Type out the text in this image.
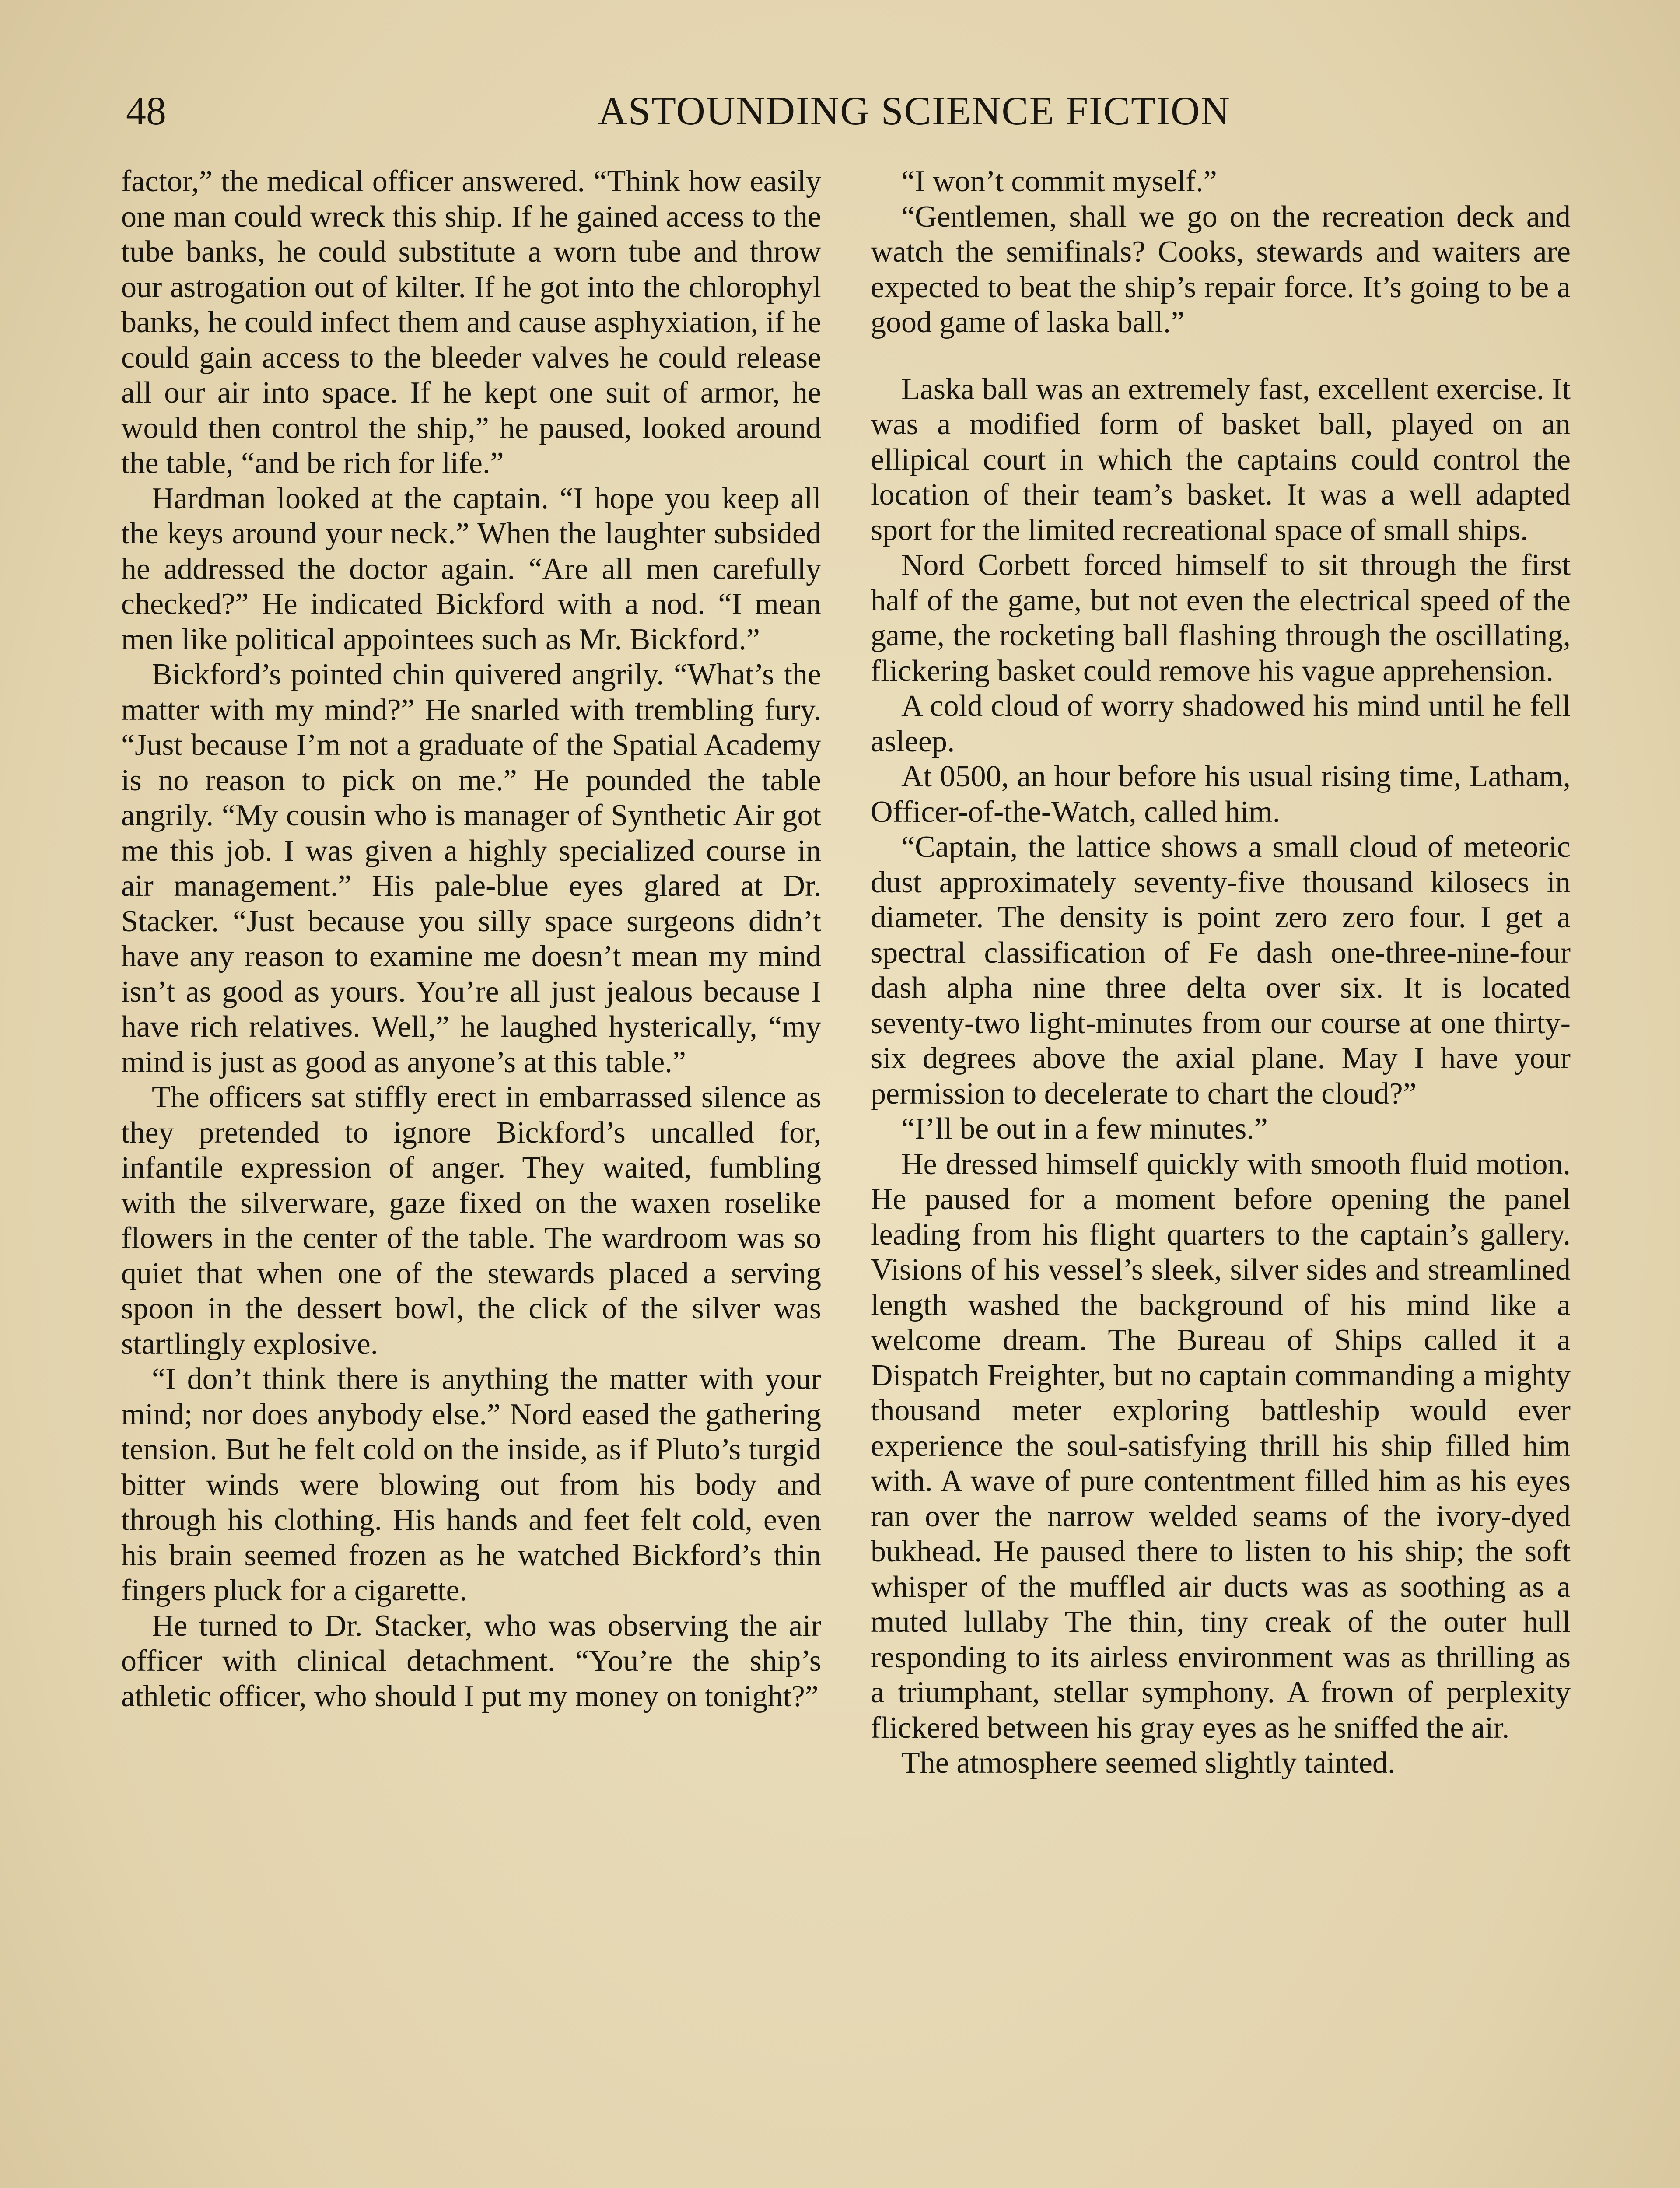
48	ASTOUNDING SCIENCE FICTION

factor,” the medical officer answered. “Think how easily one man could wreck this ship. If he gained access to the tube banks, he could substitute a worn tube and throw our astrogation out of kilter. If he got into the chlorophyl banks, he could infect them and cause asphyxiation, if he could gain access to the bleeder valves he could release all our air into space. If he kept one suit of armor, he would then control the ship,” he paused, looked around the table, “and be rich for life.”

Hardman looked at the captain. “I hope you keep all the keys around your neck.” When the laughter subsided he addressed the doctor again. “Are all men carefully checked?” He indicated Bickford with a nod. “I mean men like political appointees such as Mr. Bickford.”

Bickford’s pointed chin quivered angrily. “What’s the matter with my mind?” He snarled with trembling fury. “Just because I’m not a graduate of the Spatial Academy is no reason to pick on me.” He pounded the table angrily. “My cousin who is manager of Synthetic Air got me this job. I was given a highly specialized course in air management.” His pale-blue eyes glared at Dr. Stacker. “Just because you silly space surgeons didn’t have any reason to examine me doesn’t mean my mind isn’t as good as yours. You’re all just jealous because I have rich relatives. Well,” he laughed hysterically, “my mind is just as good as anyone’s at this table.”

The officers sat stiffly erect in embarrassed silence as they pretended to ignore Bickford’s uncalled for, infantile expression of anger. They waited, fumbling with the silverware, gaze fixed on the waxen roselike flowers in the center of the table. The wardroom was so quiet that when one of the stewards placed a serving spoon in the dessert bowl, the click of the silver was startlingly explosive.

“I don’t think there is anything the matter with your mind; nor does anybody else.” Nord eased the gathering tension. But he felt cold on the inside, as if Pluto’s turgid bitter winds were blowing out from his body and through his clothing. His hands and feet felt cold, even his brain seemed frozen as he watched Bickford’s thin fingers pluck for a cigarette.

He turned to Dr. Stacker, who was observing the air officer with clinical detachment. “You’re the ship’s athletic officer, who should I put my money on tonight?”

“I won’t commit myself.”

“Gentlemen, shall we go on the recreation deck and watch the semifinals? Cooks, stewards and waiters are expected to beat the ship’s repair force. It’s going to be a good game of laska ball.”

Laska ball was an extremely fast, excellent exercise. It was a modified form of basket ball, played on an ellipical court in which the captains could control the location of their team’s basket. It was a well adapted sport for the limited recreational space of small ships.

Nord Corbett forced himself to sit through the first half of the game, but not even the electrical speed of the game, the rocketing ball flashing through the oscillating, flickering basket could remove his vague apprehension.

A cold cloud of worry shadowed his mind until he fell asleep.

At 0500, an hour before his usual rising time, Latham, Officer-of-the-Watch, called him.

“Captain, the lattice shows a small cloud of meteoric dust approximately seventy-five thousand kilosecs in diameter. The density is point zero zero four. I get a spectral classification of Fe dash one-three-nine-four dash alpha nine three delta over six. It is located seventy-two light-minutes from our course at one thirty-six degrees above the axial plane. May I have your permission to decelerate to chart the cloud?”

“I’ll be out in a few minutes.”

He dressed himself quickly with smooth fluid motion. He paused for a moment before opening the panel leading from his flight quarters to the captain’s gallery. Visions of his vessel’s sleek, silver sides and streamlined length washed the background of his mind like a welcome dream. The Bureau of Ships called it a Dispatch Freighter, but no captain commanding a mighty thousand meter exploring battleship would ever experience the soul-satisfying thrill his ship filled him with. A wave of pure contentment filled him as his eyes ran over the narrow welded seams of the ivory-dyed bukhead. He paused there to listen to his ship; the soft whisper of the muffled air ducts was as soothing as a muted lullaby The thin, tiny creak of the outer hull responding to its airless environment was as thrilling as a triumphant, stellar symphony. A frown of perplexity flickered between his gray eyes as he sniffed the air.

The atmosphere seemed slightly tainted.
